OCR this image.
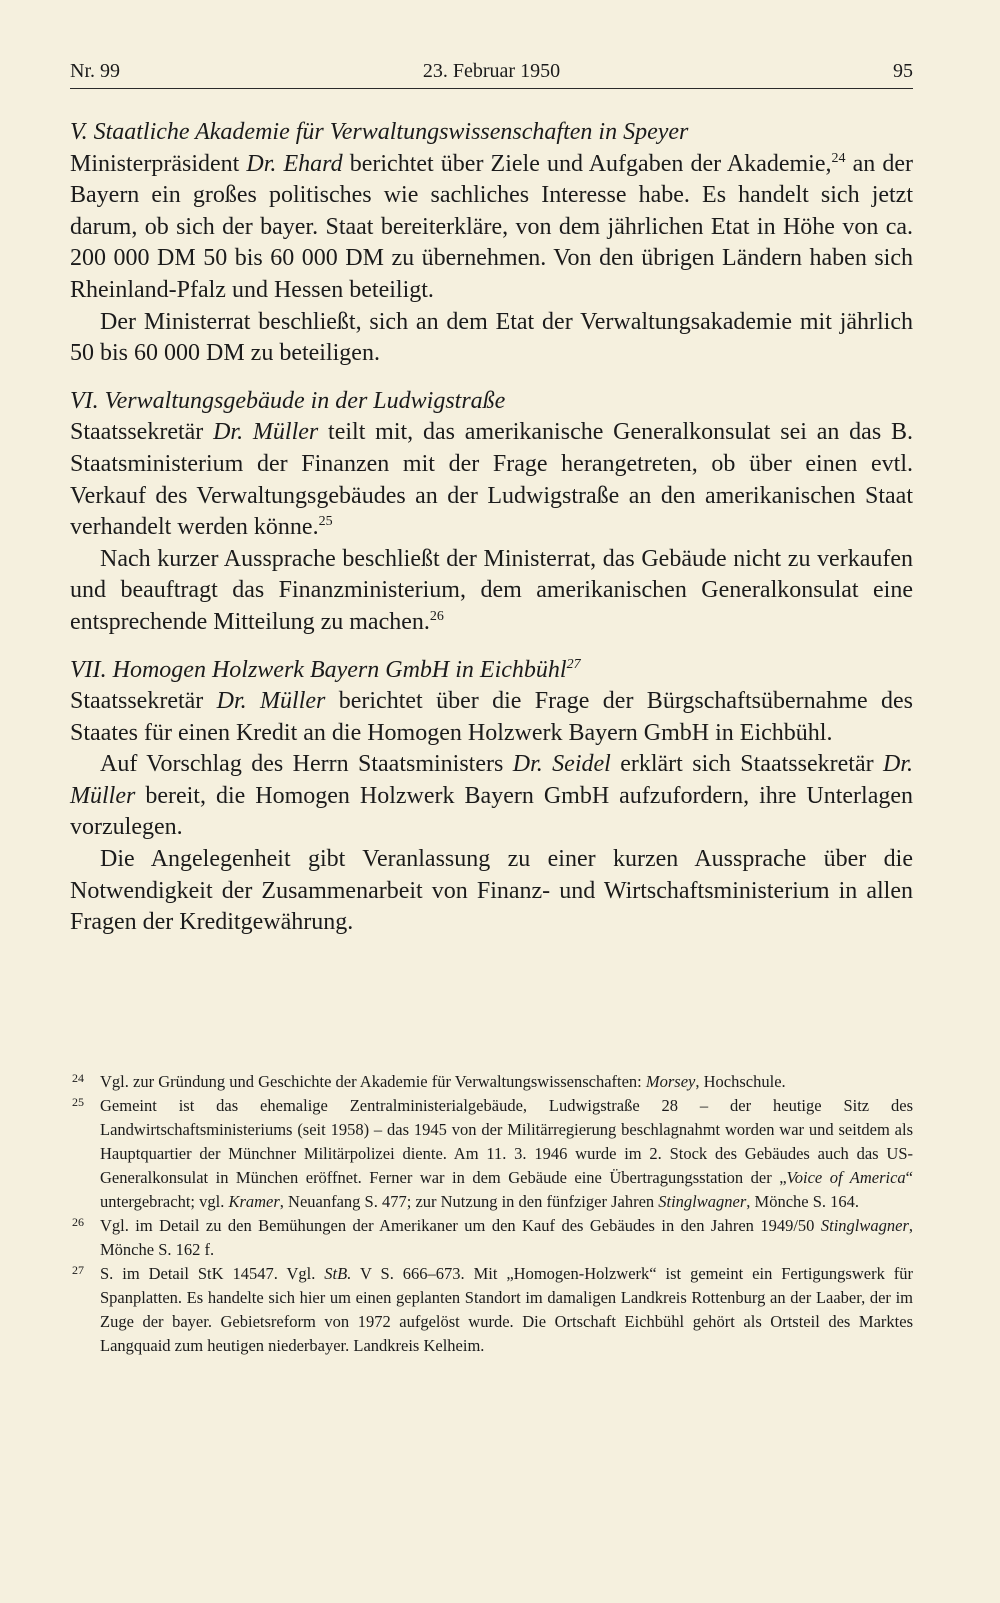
Nr. 99	23. Februar 1950	95
V. Staatliche Akademie für Verwaltungswissenschaften in Speyer

Ministerpräsident Dr. Ehard berichtet über Ziele und Aufgaben der Akademie,$^{24}$ an der Bayern ein großes politisches wie sachliches Interesse habe. Es handelt sich jetzt darum, ob sich der bayer. Staat bereiterkläre, von dem jährlichen Etat in Höhe von ca. 200 000 DM 50 bis 60 000 DM zu übernehmen. Von den übrigen Ländern haben sich Rheinland-Pfalz und Hessen beteiligt.

Der Ministerrat beschließt, sich an dem Etat der Verwaltungsakademie mit jährlich 50 bis 60 000 DM zu beteiligen.

VI. Verwaltungsgebäude in der Ludwigstraße

Staatssekretär Dr. Müller teilt mit, das amerikanische Generalkonsulat sei an das B. Staatsministerium der Finanzen mit der Frage herangetreten, ob über einen evtl. Verkauf des Verwaltungsgebäudes an der Ludwigstraße an den amerikanischen Staat verhandelt werden könne.$^{25}$

Nach kurzer Aussprache beschließt der Ministerrat, das Gebäude nicht zu verkaufen und beauftragt das Finanzministerium, dem amerikanischen Generalkonsulat eine entsprechende Mitteilung zu machen.$^{26}$

VII. Homogen Holzwerk Bayern GmbH in Eichbühl$^{27}$

Staatssekretär Dr. Müller berichtet über die Frage der Bürgschaftsübernahme des Staates für einen Kredit an die Homogen Holzwerk Bayern GmbH in Eichbühl.

Auf Vorschlag des Herrn Staatsministers Dr. Seidel erklärt sich Staatssekretär Dr. Müller bereit, die Homogen Holzwerk Bayern GmbH aufzufordern, ihre Unterlagen vorzulegen.

Die Angelegenheit gibt Veranlassung zu einer kurzen Aussprache über die Notwendigkeit der Zusammenarbeit von Finanz- und Wirtschaftsministerium in allen Fragen der Kreditgewährung.

24 Vgl. zur Gründung und Geschichte der Akademie für Verwaltungswissenschaften: Morsey, Hochschule.

25 Gemeint ist das ehemalige Zentralministerialgebäude, Ludwigstraße 28 – der heutige Sitz des Landwirtschaftsministeriums (seit 1958) – das 1945 von der Militärregierung beschlagnahmt worden war und seitdem als Hauptquartier der Münchner Militärpolizei diente. Am 11. 3. 1946 wurde im 2. Stock des Gebäudes auch das US-Generalkonsulat in München eröffnet. Ferner war in dem Gebäude eine Übertragungsstation der „Voice of America“ untergebracht; vgl. Kramer, Neuanfang S. 477; zur Nutzung in den fünfziger Jahren Stinglwagner, Mönche S. 164.

26 Vgl. im Detail zu den Bemühungen der Amerikaner um den Kauf des Gebäudes in den Jahren 1949/50 Stinglwagner, Mönche S. 162 f.

27 S. im Detail StK 14547. Vgl. StB. V S. 666–673. Mit „Homogen-Holzwerk“ ist gemeint ein Fertigungswerk für Spanplatten. Es handelte sich hier um einen geplanten Standort im damaligen Landkreis Rottenburg an der Laaber, der im Zuge der bayer. Gebietsreform von 1972 aufgelöst wurde. Die Ortschaft Eichbühl gehört als Ortsteil des Marktes Langquaid zum heutigen niederbayer. Landkreis Kelheim.
